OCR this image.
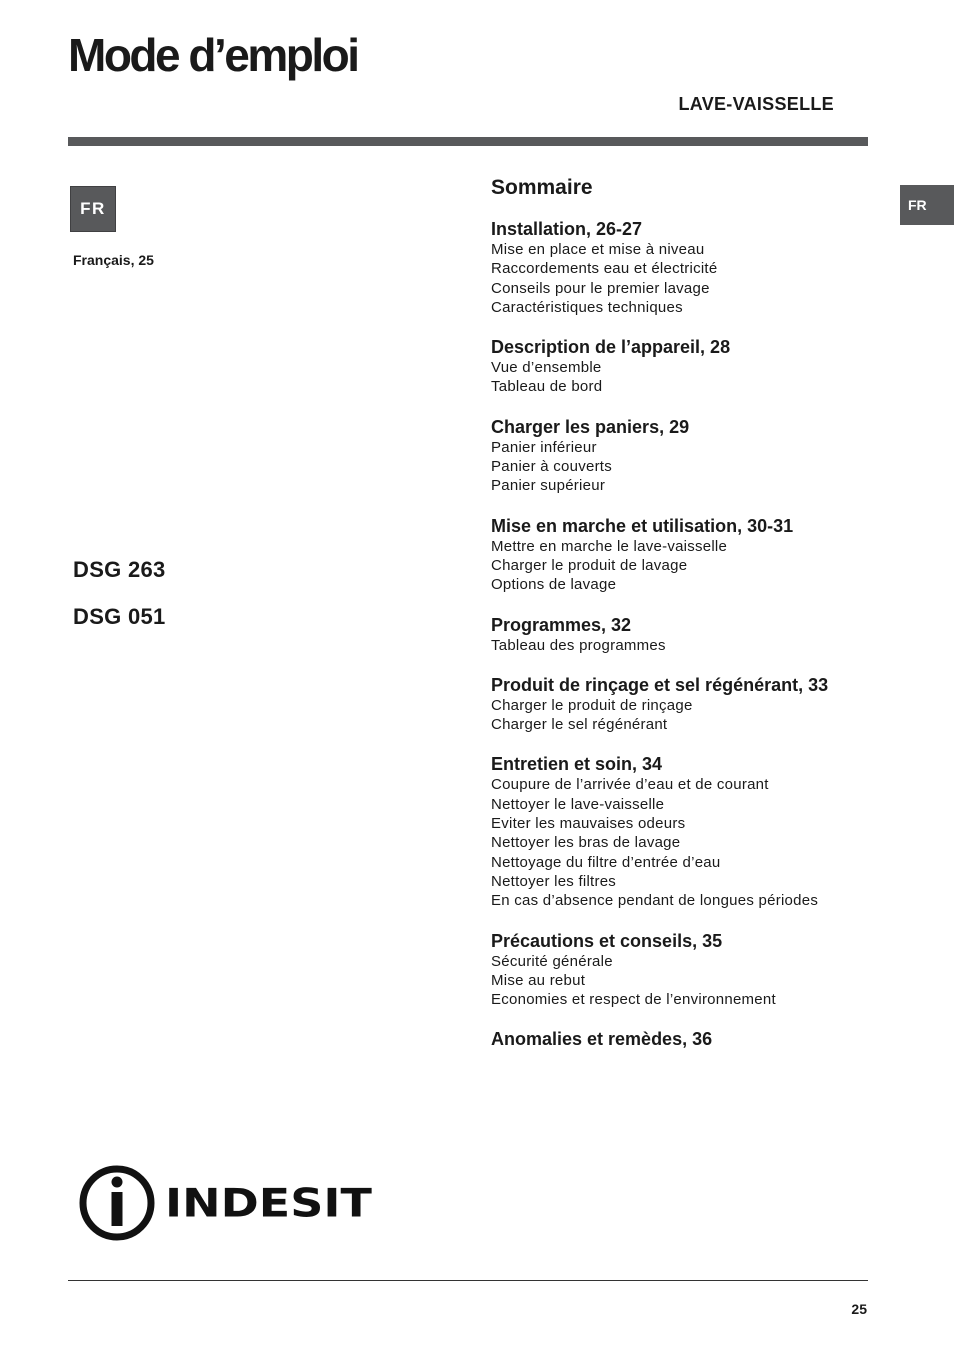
Mode d’emploi
LAVE-VAISSELLE
FR
Français, 25
FR
DSG 263
DSG 051
Sommaire
Installation, 26-27
Mise en place et mise à niveau
Raccordements eau et électricité
Conseils pour le premier lavage
Caractéristiques techniques
Description de l’appareil, 28
Vue d’ensemble
Tableau de bord
Charger les paniers, 29
Panier inférieur
Panier à couverts
Panier supérieur
Mise en marche et utilisation, 30-31
Mettre en marche le lave-vaisselle
Charger le produit de lavage
Options de lavage
Programmes, 32
Tableau des programmes
Produit de rinçage et sel régénérant, 33
Charger le produit de rinçage
Charger le sel régénérant
Entretien et soin, 34
Coupure de l’arrivée d’eau et de courant
Nettoyer le lave-vaisselle
Eviter les mauvaises odeurs
Nettoyer les bras de lavage
Nettoyage du filtre d’entrée d’eau
Nettoyer les filtres
En cas d’absence pendant de longues périodes
Précautions et conseils, 35
Sécurité générale
Mise au rebut
Economies et respect de l’environnement
Anomalies et remèdes, 36
INDESIT
25
